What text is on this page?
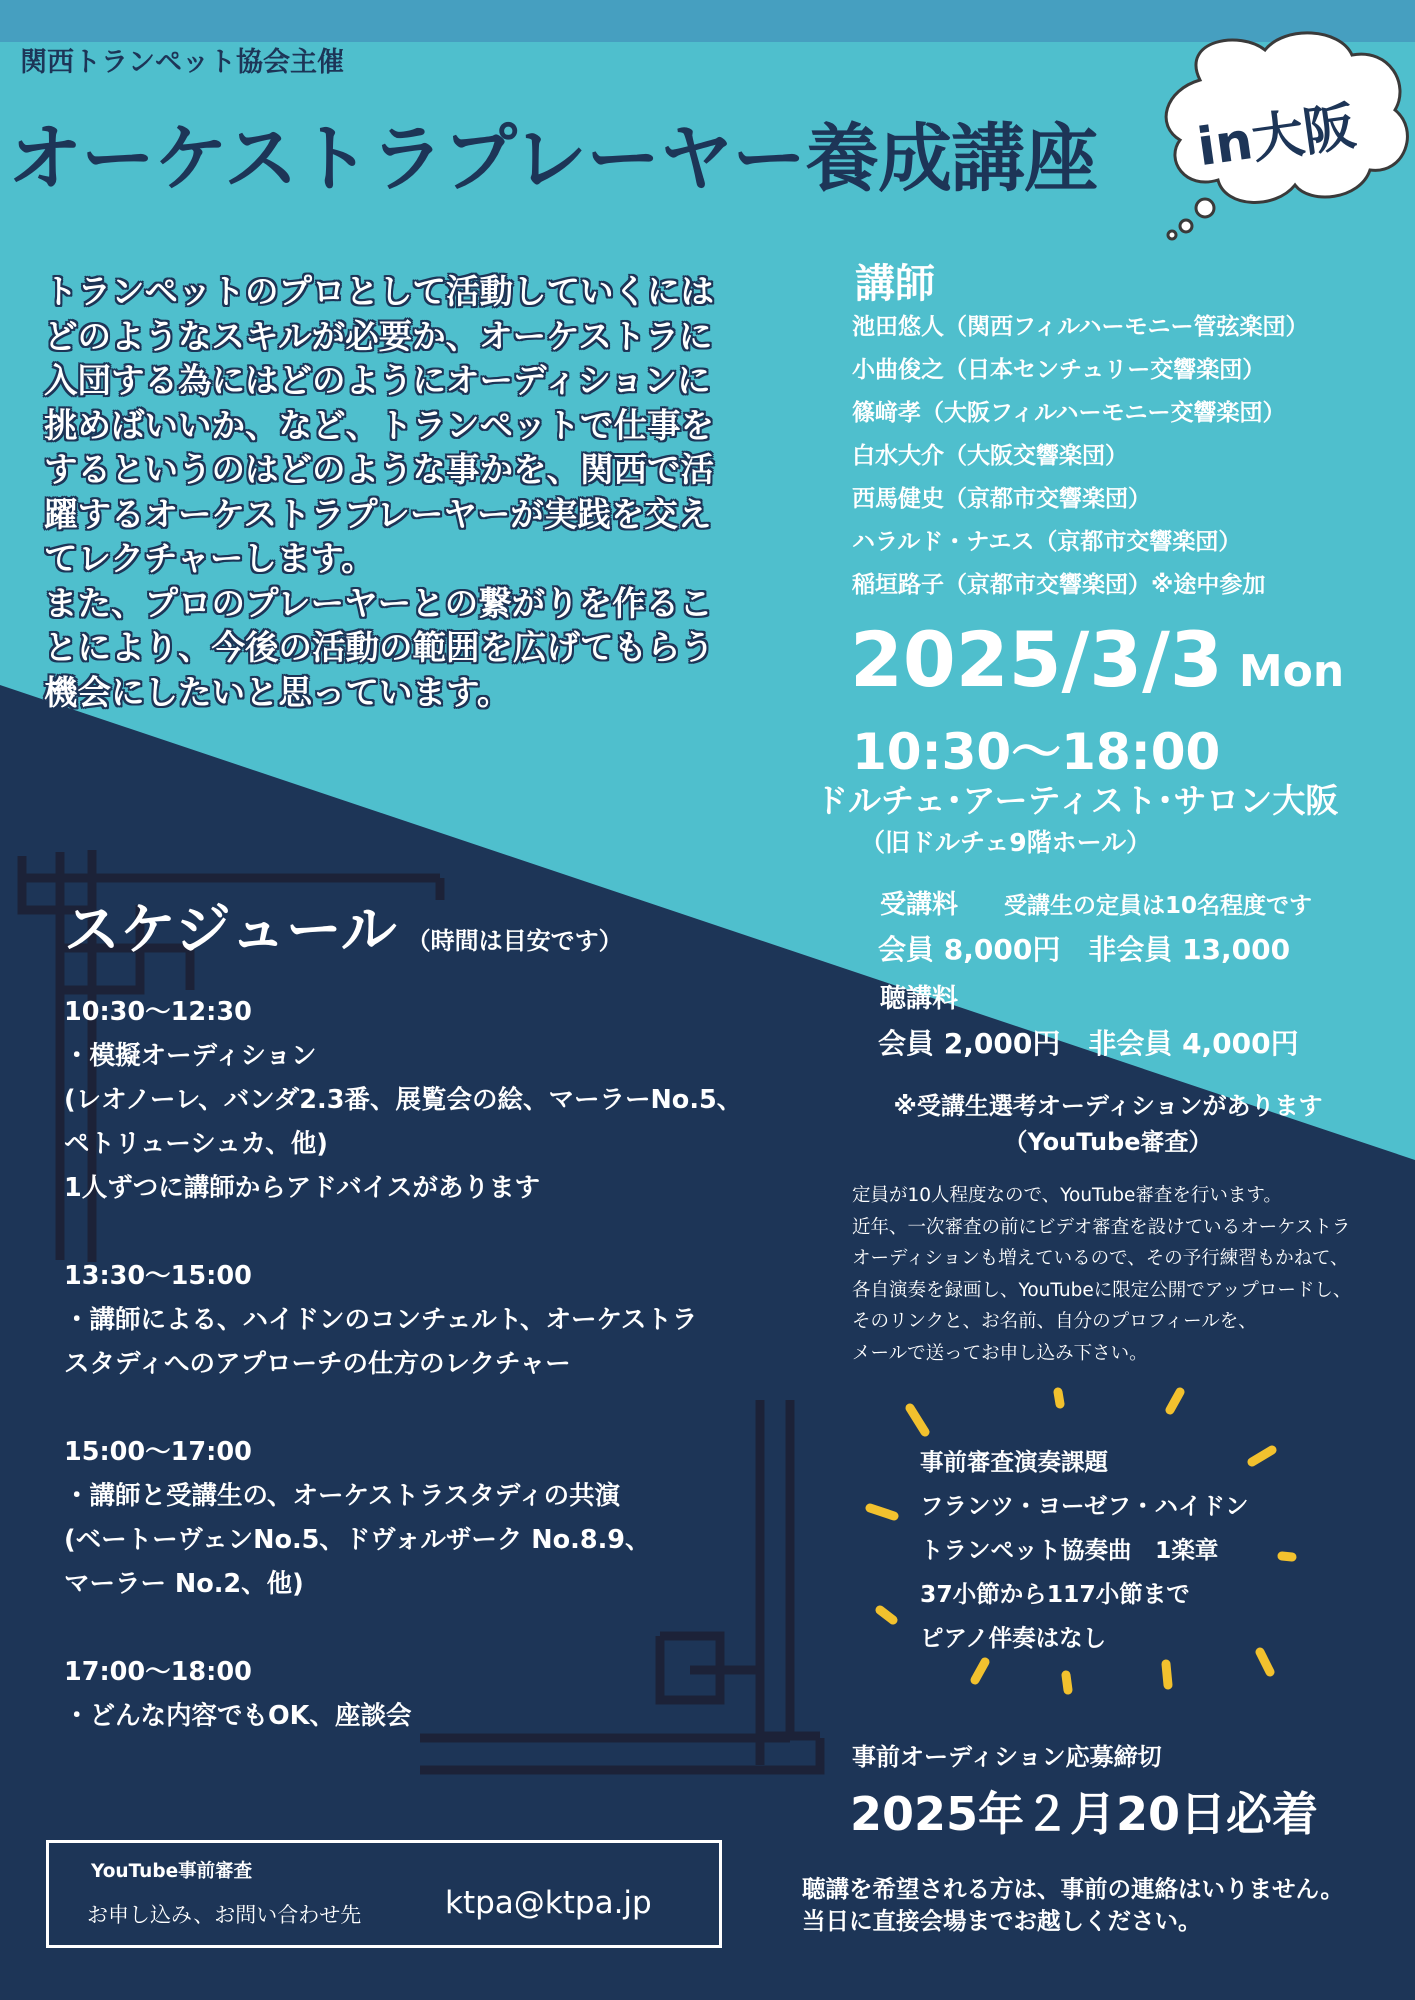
関西トランペット協会主催
オーケストラプレーヤー養成講座 in大阪

トランペットのプロとして活動していくには
どのようなスキルが必要か、オーケストラに
入団する為にはどのようにオーディションに
挑めばいいか、など、トランペットで仕事を
するというのはどのような事かを、関西で活
躍するオーケストラプレーヤーが実践を交え
てレクチャーします。

また、プロのプレーヤーとの繋がりを作るこ
とにより、今後の活動の範囲を広げてもらう
機会にしたいと思っています。

講師
池田悠人（関西フィルハーモニー管弦楽団）
小曲俊之（日本センチュリー交響楽団）
篠﨑孝（大阪フィルハーモニー交響楽団）
白水大介（大阪交響楽団）
西馬健史（京都市交響楽団）
ハラルド・ナエス（京都市交響楽団）
稲垣路子（京都市交響楽団）※途中参加
2025/3/3 Mon
10:30〜18:00
ドルチェ･アーティスト･サロン大阪
（旧ドルチェ9階ホール）
受講料 受講生の定員は10名程度です
会員 8,000円　非会員 13,000
聴講料
会員 2,000円　非会員 4,000円
※受講生選考オーディションがあります
（YouTube審査）
定員が10人程度なので、YouTube審査を行います。
近年、一次審査の前にビデオ審査を設けているオーケストラ
オーディションも増えているので、その予行練習もかねて、
各自演奏を録画し、YouTubeに限定公開でアップロードし、
そのリンクと、お名前、自分のプロフィールを、
メールで送ってお申し込み下さい。
事前審査演奏課題
フランツ・ヨーゼフ・ハイドン
トランペット協奏曲　1楽章
37小節から117小節まで
ピアノ伴奏はなし
スケジュール （時間は目安です）
10:30〜12:30
・模擬オーディション
(レオノーレ、バンダ2.3番、展覧会の絵、マーラーNo.5、
ペトリューシュカ、他)
1人ずつに講師からアドバイスがあります
13:30〜15:00
・講師による、ハイドンのコンチェルト、オーケストラ
スタディへのアプローチの仕方のレクチャー
15:00〜17:00
・講師と受講生の、オーケストラスタディの共演
(ベートーヴェンNo.5、ドヴォルザーク No.8.9、
マーラー No.2、他)
17:00〜18:00
・どんな内容でもOK、座談会
事前オーディション応募締切
2025年２月20日必着
YouTube事前審査
お申し込み、お問い合わせ先	ktpa@ktpa.jp	聴講を希望される方は、事前の連絡はいりません。
当日に直接会場までお越しください。
